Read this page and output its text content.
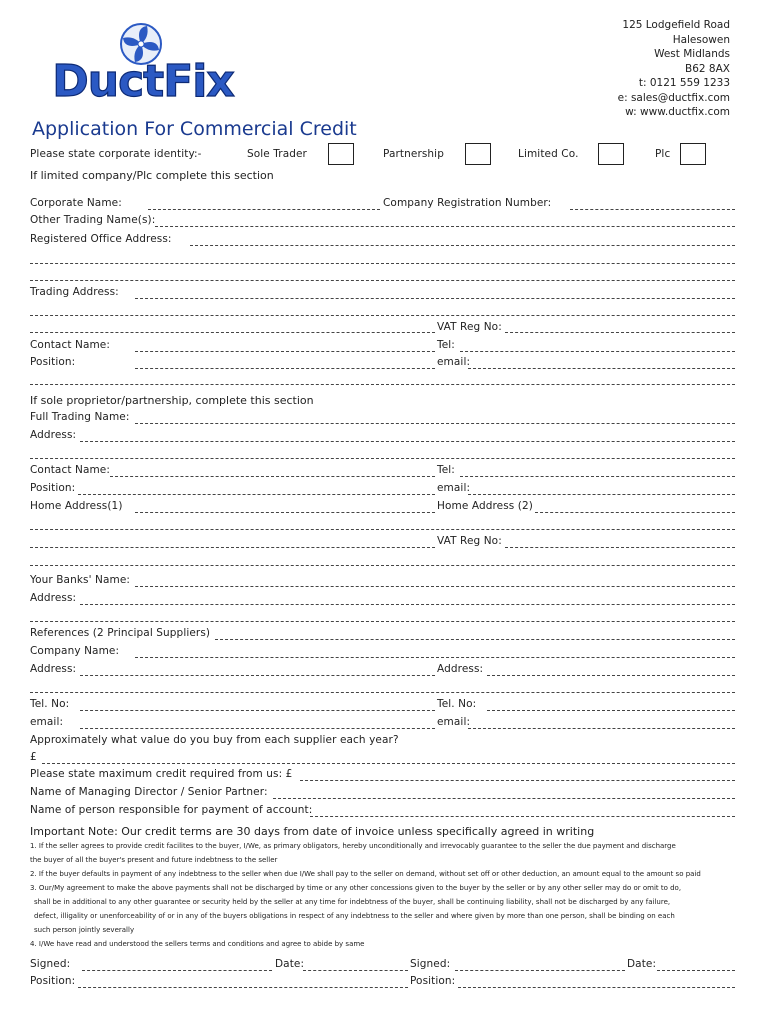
DuctFix
125 Lodgefield Road
Halesowen
West Midlands
B62 8AX
t: 0121 559 1233
e: sales@ductfix.com
w: www.ductfix.com
Application For Commercial Credit
Please state corporate identity:-	Sole Trader	Partnership	Limited Co.	Plc
If limited company/Plc complete this section
Corporate Name:	Company Registration Number:
Other Trading Name(s):
Registered Office Address:
Trading Address:
VAT Reg No:
Contact Name:	Tel:
Position:	email:
If sole proprietor/partnership, complete this section
Full Trading Name:
Address:
Contact Name:	Tel:
Position:	email:
Home Address(1)	Home Address (2)
VAT Reg No:
Your Banks' Name:
Address:
References (2 Principal Suppliers)
Company Name:
Address:	Address:
Tel. No:	Tel. No:
email:	email:
Approximately what value do you buy from each supplier each year?
£
Please state maximum credit required from us: £
Name of Managing Director / Senior Partner:
Name of person responsible for payment of account:
Important Note: Our credit terms are 30 days from date of invoice unless specifically agreed in writing
1. If the seller agrees to provide credit facilites to the buyer, I/We, as primary obligators, hereby unconditionally and irrevocably guarantee to the seller the due payment and discharge
the buyer of all the buyer's present and future indebtness to the seller
2. If the buyer defaults in payment of any indebtness to the seller when due I/We shall pay to the seller on demand, without set off or other deduction, an amount equal to the amount so paid
3. Our/My agreement to make the above payments shall not be discharged by time or any other concessions given to the buyer by the seller or by any other seller may do or omit to do,
shall be in additional to any other guarantee or security held by the seller at any time for indebtness of the buyer, shall be continuing liability, shall not be discharged by any failure,
defect, illigality or unenforceability of or in any of the buyers obligations in respect of any indebtness to the seller and where given by more than one person, shall be binding on each
such person jointly severally
4. I/We have read and understood the sellers terms and conditions and agree to abide by same
Signed:	Date:	Signed:	Date:
Position:	Position:
